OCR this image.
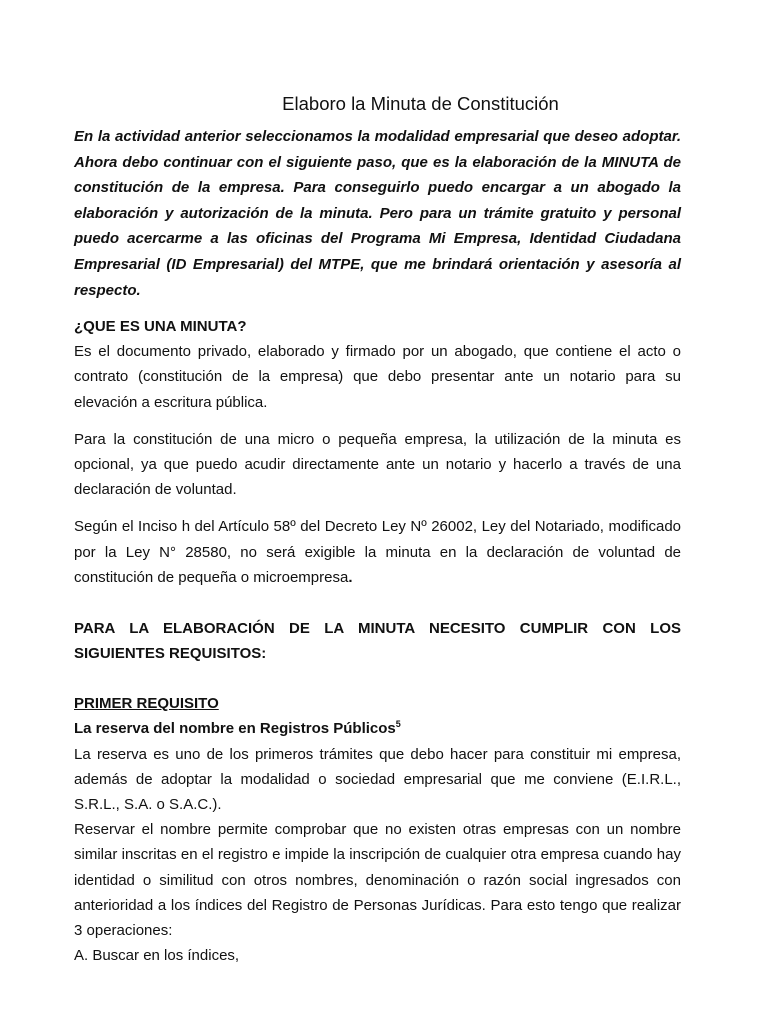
Elaboro la Minuta de Constitución

En la actividad anterior seleccionamos la modalidad empresarial que deseo adoptar. Ahora debo continuar con el siguiente paso, que es la elaboración de la MINUTA de constitución de la empresa. Para conseguirlo puedo encargar a un abogado la elaboración y autorización de la minuta. Pero para un trámite gratuito y personal puedo acercarme a las oficinas del Programa Mi Empresa, Identidad Ciudadana Empresarial (ID Empresarial) del MTPE, que me brindará orientación y asesoría al respecto.

¿QUE ES UNA MINUTA?

Es el documento privado, elaborado y firmado por un abogado, que contiene el acto o contrato (constitución de la empresa) que debo presentar ante un notario para su elevación a escritura pública.

Para la constitución de una micro o pequeña empresa, la utilización de la minuta es opcional, ya que puedo acudir directamente ante un notario y hacerlo a través de una declaración de voluntad.

Según el Inciso h del Artículo 58º del Decreto Ley Nº 26002, Ley del Notariado, modificado por la Ley N° 28580, no será exigible la minuta en la declaración de voluntad de constitución de pequeña o microempresa.

PARA LA ELABORACIÓN DE LA MINUTA NECESITO CUMPLIR CON LOS SIGUIENTES REQUISITOS:

PRIMER REQUISITO
La reserva del nombre en Registros Públicos$^5$

La reserva es uno de los primeros trámites que debo hacer para constituir mi empresa, además de adoptar la modalidad o sociedad empresarial que me conviene (E.I.R.L., S.R.L., S.A. o S.A.C.).

Reservar el nombre permite comprobar que no existen otras empresas con un nombre similar inscritas en el registro e impide la inscripción de cualquier otra empresa cuando hay identidad o similitud con otros nombres, denominación o razón social ingresados con anterioridad a los índices del Registro de Personas Jurídicas. Para esto tengo que realizar 3 operaciones:

A. Buscar en los índices,
